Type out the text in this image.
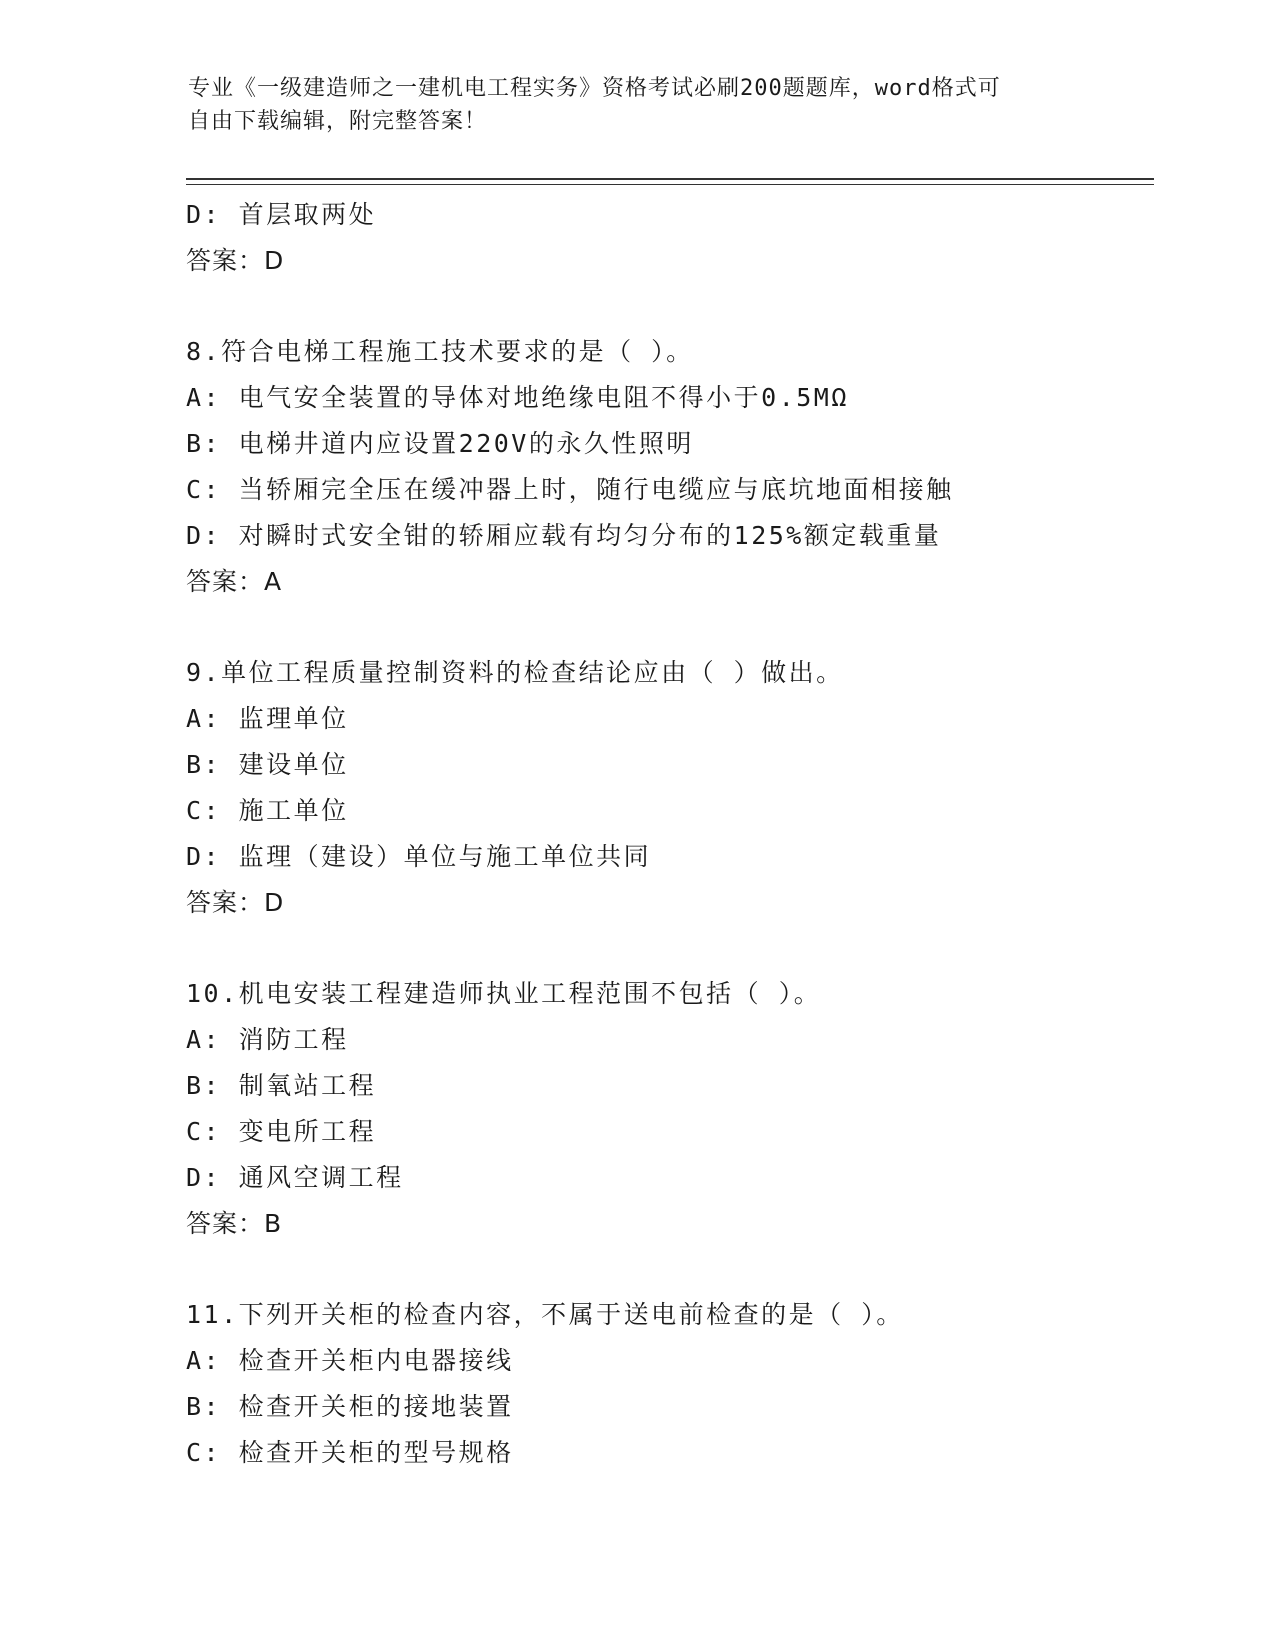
专业《一级建造师之一建机电工程实务》资格考试必刷200题题库，word格式可
自由下载编辑，附完整答案！
D: 首层取两处
答案：D
8.符合电梯工程施工技术要求的是（ ）。
A: 电气安全装置的导体对地绝缘电阻不得小于0.5MΩ
B: 电梯井道内应设置220V的永久性照明
C: 当轿厢完全压在缓冲器上时，随行电缆应与底坑地面相接触
D: 对瞬时式安全钳的轿厢应载有均匀分布的125%额定载重量
答案：A
9.单位工程质量控制资料的检查结论应由（ ）做出。
A: 监理单位
B: 建设单位
C: 施工单位
D: 监理（建设）单位与施工单位共同
答案：D
10.机电安装工程建造师执业工程范围不包括（ ）。
A: 消防工程
B: 制氧站工程
C: 变电所工程
D: 通风空调工程
答案：B
11.下列开关柜的检查内容，不属于送电前检查的是（ ）。
A: 检查开关柜内电器接线
B: 检查开关柜的接地装置
C: 检查开关柜的型号规格
